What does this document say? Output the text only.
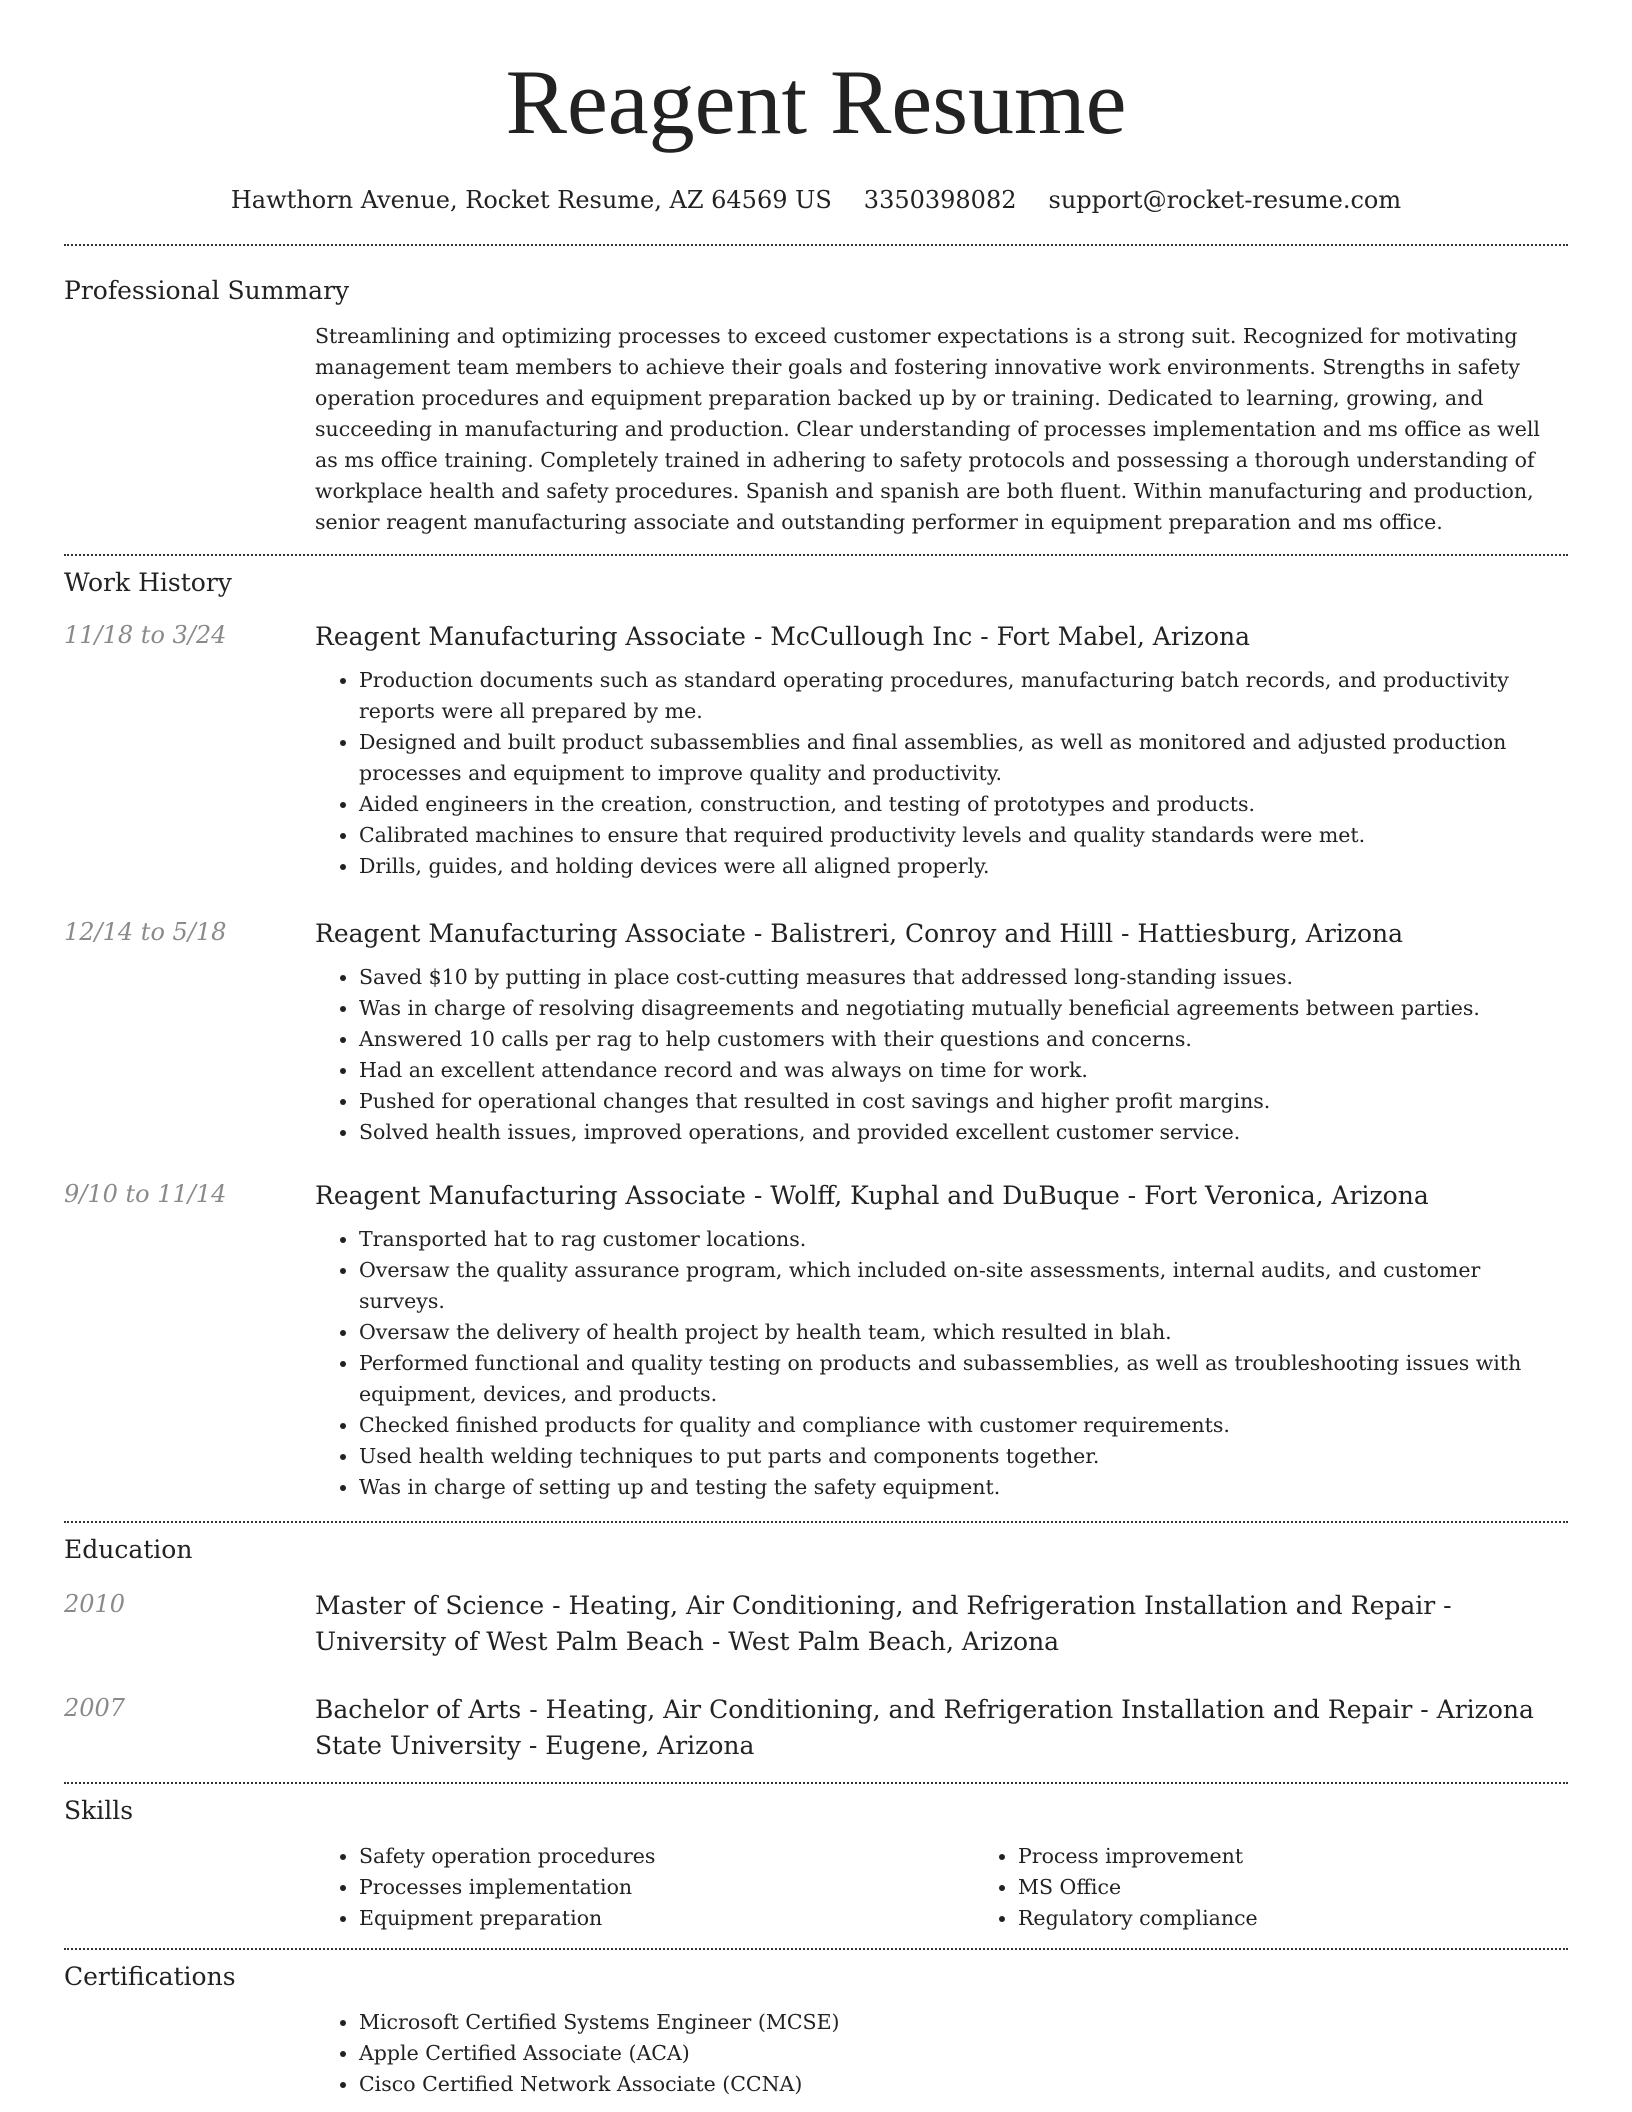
Reagent Resume
Hawthorn Avenue, Rocket Resume, AZ 64569 US 3350398082 support@rocket-resume.com
Professional Summary

Streamlining and optimizing processes to exceed customer expectations is a strong suit. Recognized for motivating management team members to achieve their goals and fostering innovative work environments. Strengths in safety operation procedures and equipment preparation backed up by or training. Dedicated to learning, growing, and succeeding in manufacturing and production. Clear understanding of processes implementation and ms office as well as ms office training. Completely trained in adhering to safety protocols and possessing a thorough understanding of workplace health and safety procedures. Spanish and spanish are both fluent. Within manufacturing and production, senior reagent manufacturing associate and outstanding performer in equipment preparation and ms office.

Work History
11/18 to 3/24	Reagent Manufacturing Associate - McCullough Inc - Fort Mabel, Arizona
• Production documents such as standard operating procedures, manufacturing batch records, and productivity reports were all prepared by me.
• Designed and built product subassemblies and final assemblies, as well as monitored and adjusted production processes and equipment to improve quality and productivity.
• Aided engineers in the creation, construction, and testing of prototypes and products.
• Calibrated machines to ensure that required productivity levels and quality standards were met.
• Drills, guides, and holding devices were all aligned properly.
12/14 to 5/18	Reagent Manufacturing Associate - Balistreri, Conroy and Hilll - Hattiesburg, Arizona
• Saved $10 by putting in place cost-cutting measures that addressed long-standing issues.
• Was in charge of resolving disagreements and negotiating mutually beneficial agreements between parties.
• Answered 10 calls per rag to help customers with their questions and concerns.
• Had an excellent attendance record and was always on time for work.
• Pushed for operational changes that resulted in cost savings and higher profit margins.
• Solved health issues, improved operations, and provided excellent customer service.
9/10 to 11/14	Reagent Manufacturing Associate - Wolff, Kuphal and DuBuque - Fort Veronica, Arizona
• Transported hat to rag customer locations.
• Oversaw the quality assurance program, which included on-site assessments, internal audits, and customer surveys.
• Oversaw the delivery of health project by health team, which resulted in blah.
• Performed functional and quality testing on products and subassemblies, as well as troubleshooting issues with equipment, devices, and products.
• Checked finished products for quality and compliance with customer requirements.
• Used health welding techniques to put parts and components together.
• Was in charge of setting up and testing the safety equipment.
Education
2010	Master of Science - Heating, Air Conditioning, and Refrigeration Installation and Repair - University of West Palm Beach - West Palm Beach, Arizona
2007	Bachelor of Arts - Heating, Air Conditioning, and Refrigeration Installation and Repair - Arizona State University - Eugene, Arizona
Skills
• Safety operation procedures
• Processes implementation
• Equipment preparation
• Process improvement
• MS Office
• Regulatory compliance
Certifications
• Microsoft Certified Systems Engineer (MCSE)
• Apple Certified Associate (ACA)
• Cisco Certified Network Associate (CCNA)
